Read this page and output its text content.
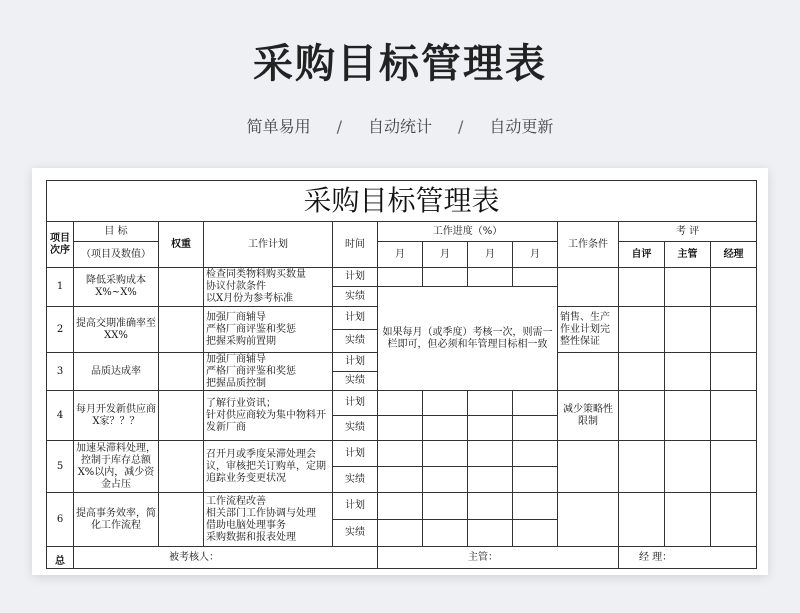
采购目标管理表
简单易用 / 自动统计 / 自动更新
采购目标管理表												
项目次序	目 标	权重	工作计划	时间	工作进度（%）				工作条件	考 评		
	（项目及数值）				月	月	月	月		自评	主管	经理
1	降低采购成本X%~X%		检查同类物料购买数量
协议付款条件
以X月份为参考标准	计划								
				实绩	如果每月（或季度）考核一次，则需一栏即可，但必须和年管理目标相一致							
2	提高交期准确率至XX%		加强厂商辅导
严格厂商评鉴和奖惩
把握采购前置期	计划					销售、生产作业计划完整性保证			
				实绩								
3	品质达成率		加强厂商辅导
严格厂商评鉴和奖惩
把握品质控制	计划								
				实绩								
4	每月开发新供应商X家？？？		了解行业资讯；
针对供应商较为集中物料开发新厂商	计划					减少策略性限制			
				实绩								
5	加速呆滞料处理，控制于库存总额X%以内，减少资金占压		召开月或季度呆滞处理会议，审核把关订购单，定期追踪业务变更状况	计划								
				实绩								
6	提高事务效率，简化工作流程		工作流程改善
相关部门工作协调与处理
借助电脑处理事务
采购数据和报表处理	计划								
				实绩								
总	被考核人：				主管：					经 理：		
